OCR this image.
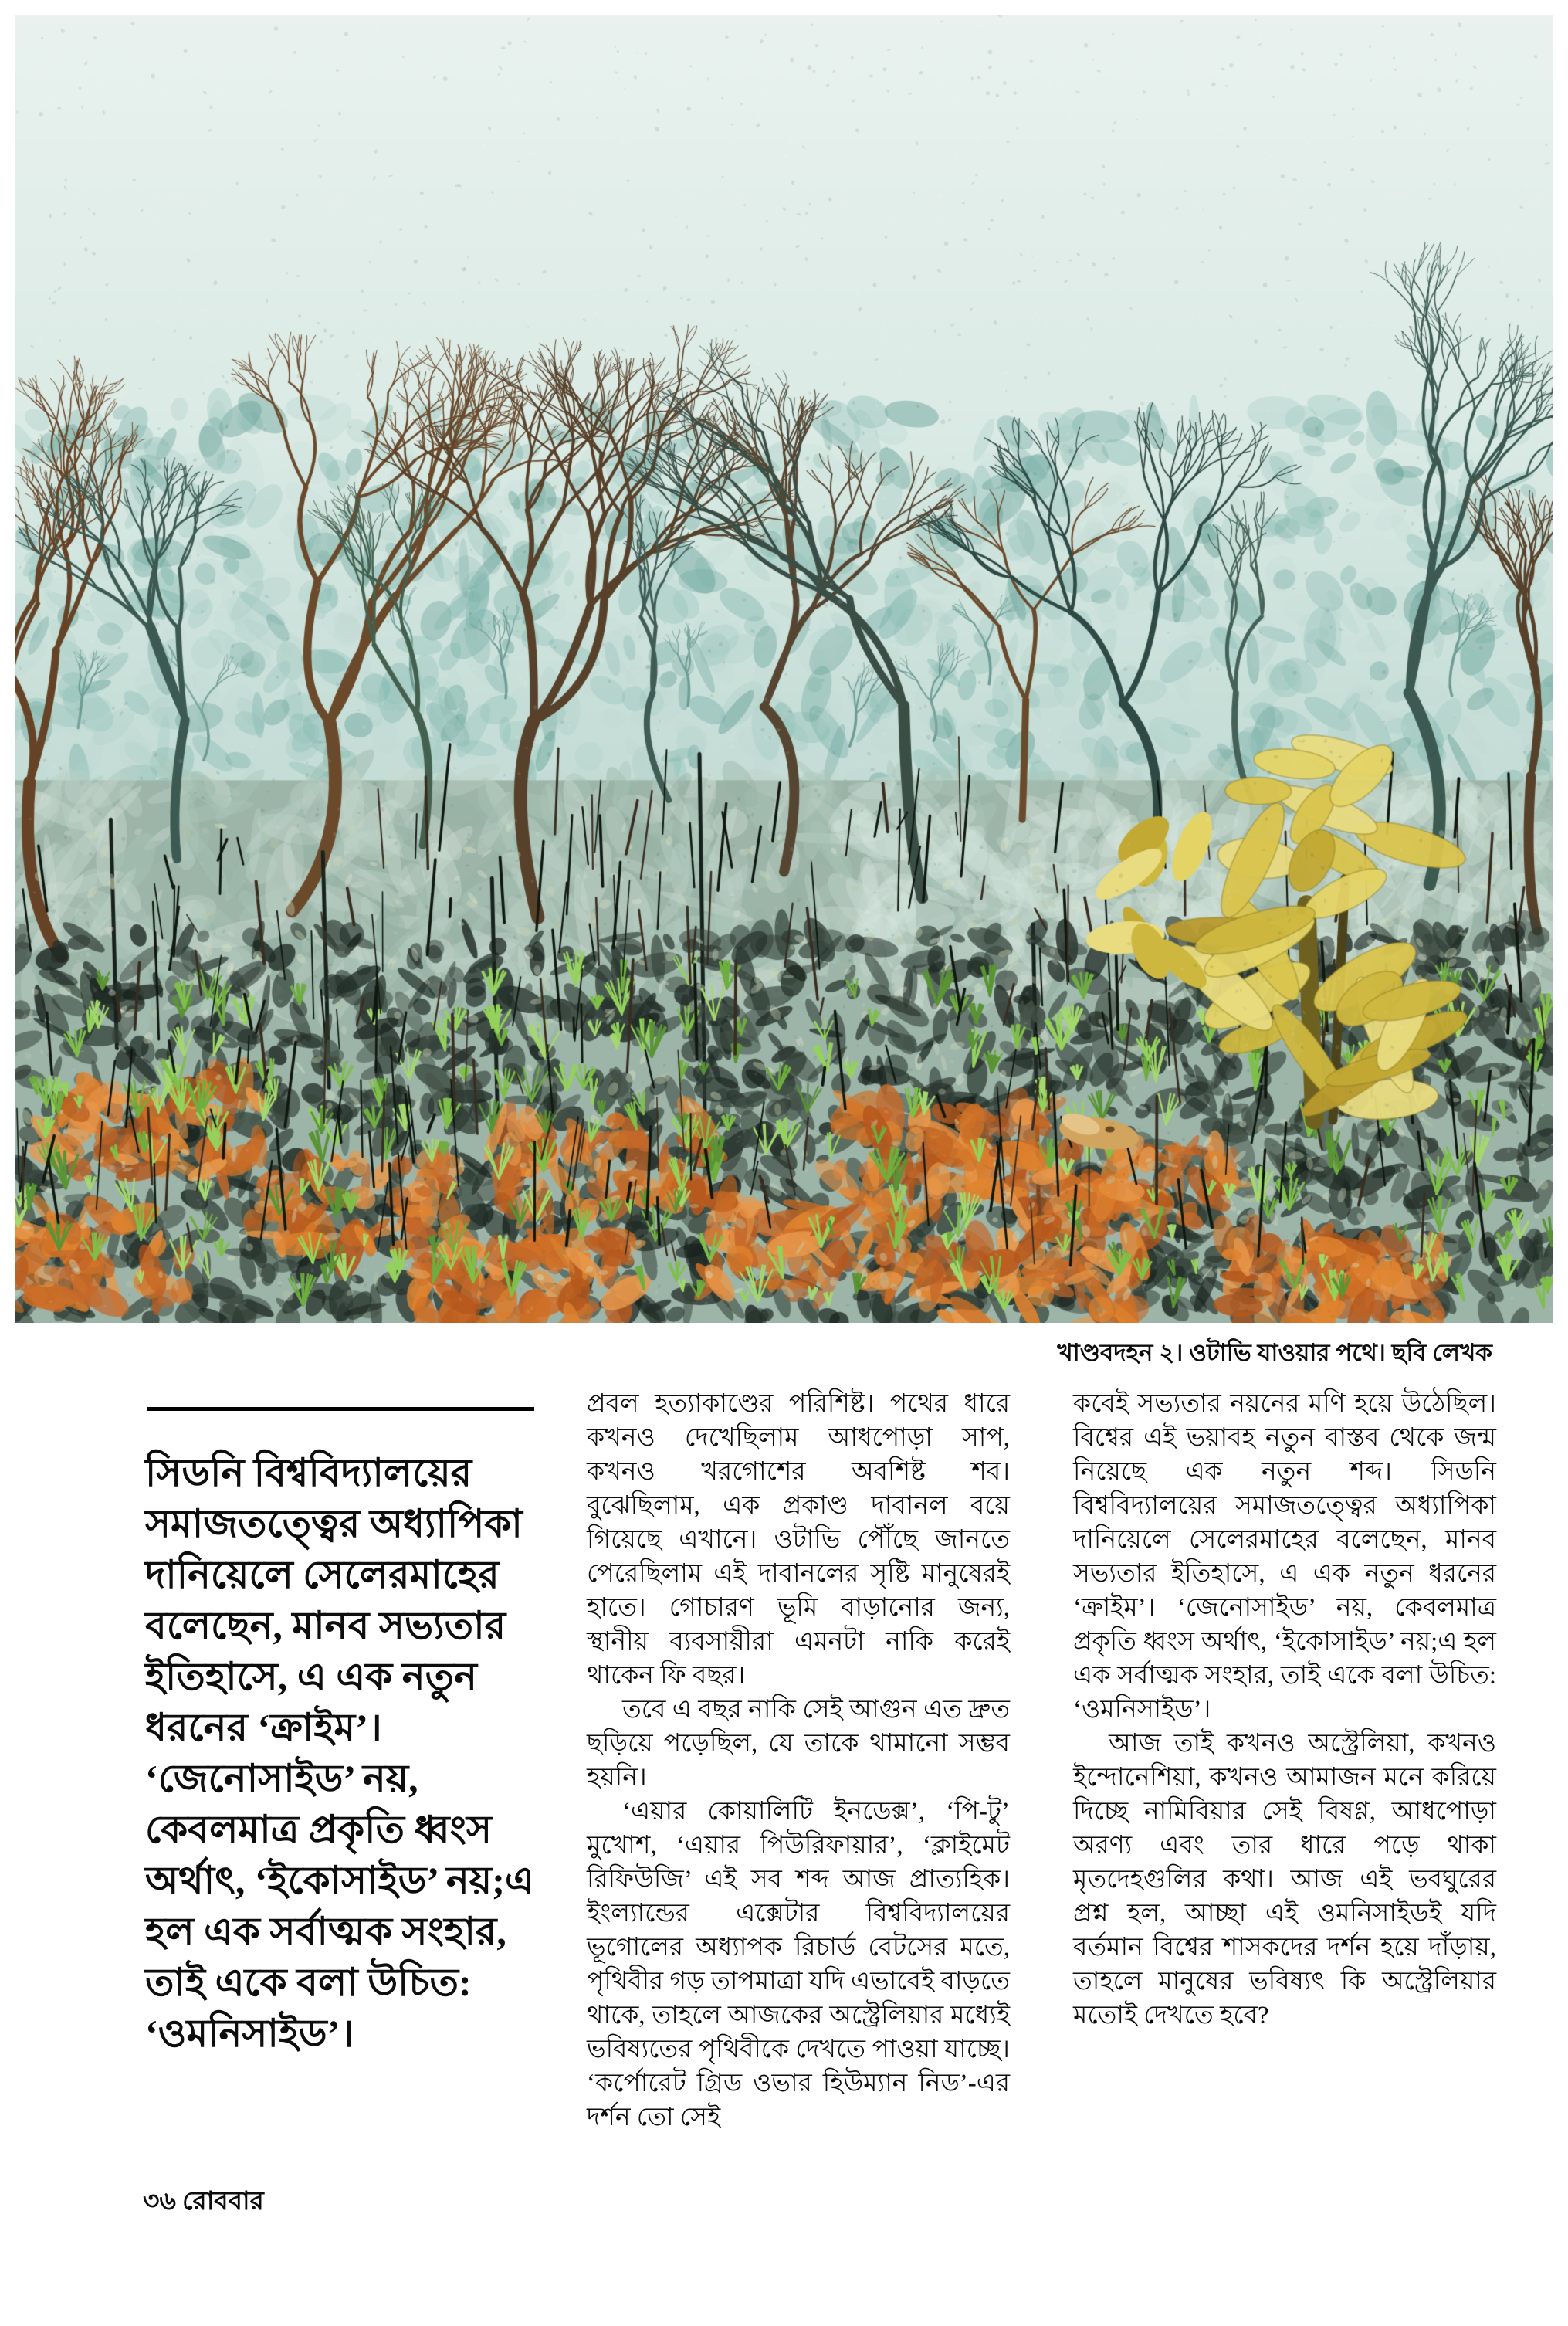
খাণ্ডবদহন ২। ওটাভি যাওয়ার পথে। ছবি লেখক
সিডনি বিশ্ববিদ্যালয়ের সমাজতত্ত্বের অধ্যাপিকা দানিয়েলে সেলেরমাহের বলেছেন, মানব সভ্যতার ইতিহাসে, এ এক নতুন ধরনের ‘ক্রাইম’। ‘জেনোসাইড’ নয়, কেবলমাত্র প্রকৃতি ধ্বংস অর্থাৎ, ‘ইকোসাইড’ নয়;এ হল এক সর্বাত্মক সংহার, তাই একে বলা উচিত: ‘ওমনিসাইড’।

প্রবল হত্যাকাণ্ডের পরিশিষ্ট। পথের ধারে কখনও দেখেছিলাম আধপোড়া সাপ, কখনও খরগোশের অবশিষ্ট শব। বুঝেছিলাম, এক প্রকাণ্ড দাবানল বয়ে গিয়েছে এখানে। ওটাভি পৌঁছে জানতে পেরেছিলাম এই দাবানলের সৃষ্টি মানুষেরই হাতে। গোচারণ ভূমি বাড়ানোর জন্য, স্থানীয় ব্যবসায়ীরা এমনটা নাকি করেই থাকেন ফি বছর।

তবে এ বছর নাকি সেই আগুন এত দ্রুত ছড়িয়ে পড়েছিল, যে তাকে থামানো সম্ভব হয়নি।

‘এয়ার কোয়ালিটি ইনডেক্স’, ‘পি-টু’ মুখোশ, ‘এয়ার পিউরিফায়ার’, ‘ক্লাইমেট রিফিউজি’ এই সব শব্দ আজ প্রাত্যহিক। ইংল্যান্ডের এক্সেটার বিশ্ববিদ্যালয়ের ভূগোলের অধ্যাপক রিচার্ড বেটসের মতে, পৃথিবীর গড় তাপমাত্রা যদি এভাবেই বাড়তে থাকে, তাহলে আজকের অস্ট্রেলিয়ার মধ্যেই ভবিষ্যতের পৃথিবীকে দেখতে পাওয়া যাচ্ছে। ‘কর্পোরেট গ্রিড ওভার হিউম্যান নিড’-এর দর্শন তো সেই

কবেই সভ্যতার নয়নের মণি হয়ে উঠেছিল। বিশ্বের এই ভয়াবহ নতুন বাস্তব থেকে জন্ম নিয়েছে এক নতুন শব্দ। সিডনি বিশ্ববিদ্যালয়ের সমাজতত্ত্বের অধ্যাপিকা দানিয়েলে সেলেরমাহের বলেছেন, মানব সভ্যতার ইতিহাসে, এ এক নতুন ধরনের ‘ক্রাইম’। ‘জেনোসাইড’ নয়, কেবলমাত্র প্রকৃতি ধ্বংস অর্থাৎ, ‘ইকোসাইড’ নয়;এ হল এক সর্বাত্মক সংহার, তাই একে বলা উচিত: ‘ওমনিসাইড’।

আজ তাই কখনও অস্ট্রেলিয়া, কখনও ইন্দোনেশিয়া, কখনও আমাজন মনে করিয়ে দিচ্ছে নামিবিয়ার সেই বিষণ্ণ, আধপোড়া অরণ্য এবং তার ধারে পড়ে থাকা মৃতদেহগুলির কথা। আজ এই ভবঘুরের প্রশ্ন হল, আচ্ছা এই ওমনিসাইডই যদি বর্তমান বিশ্বের শাসকদের দর্শন হয়ে দাঁড়ায়, তাহলে মানুষের ভবিষ্যৎ কি অস্ট্রেলিয়ার মতোই দেখতে হবে?

৩৬ রোববার
